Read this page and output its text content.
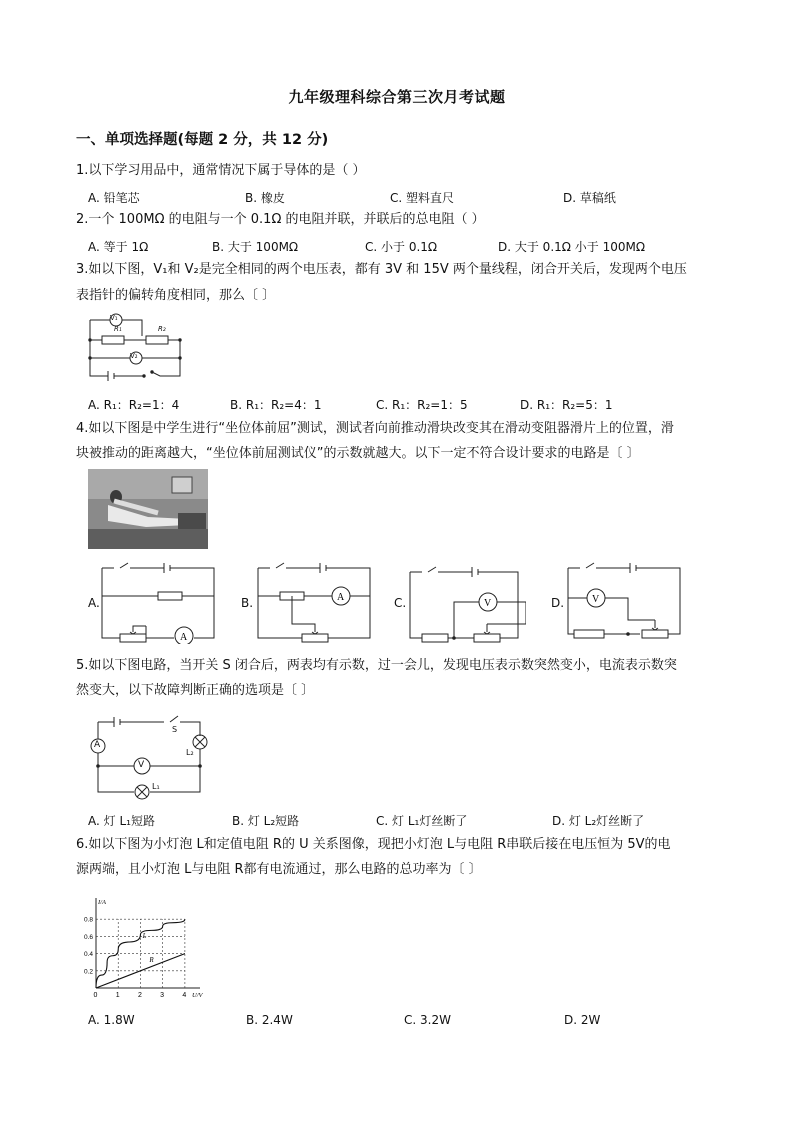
九年级理科综合第三次月考试题
一、单项选择题(每题 2 分，共 12 分)
1.以下学习用品中，通常情况下属于导体的是（ ）
A. 铅笔芯	B. 橡皮	C. 塑料直尺	D. 草稿纸
2.一个 100MΩ 的电阻与一个 0.1Ω 的电阻并联，并联后的总电阻（ ）
A. 等于 1Ω	B. 大于 100MΩ	C. 小于 0.1Ω	D. 大于 0.1Ω 小于 100MΩ
3.如以下图，V₁和 V₂是完全相同的两个电压表，都有 3V 和 15V 两个量线程，闭合开关后，发现两个电压
表指针的偏转角度相同，那么〔 〕
V₁
V₂
R₁	R₂
A. R₁：R₂=1：4	B. R₁：R₂=4：1	C. R₁：R₂=1：5	D. R₁：R₂=5：1
4.如以下图是中学生进行“坐位体前屈”测试，测试者向前推动滑块改变其在滑动变阻器滑片上的位置，滑
块被推动的距离越大，“坐位体前屈测试仪”的示数就越大。以下一定不符合设计要求的电路是〔 〕
A.
A
B.	A	C.	V	D.	V
5.如以下图电路，当开关 S 闭合后，两表均有示数，过一会儿，发现电压表示数突然变小，电流表示数突
然变大，以下故障判断正确的选项是〔 〕
A
V
S
L₂
L₁
A. 灯 L₁短路	B. 灯 L₂短路	C. 灯 L₁灯丝断了	D. 灯 L₂灯丝断了
6.如以下图为小灯泡 L和定值电阻 R的 U 关系图像，现把小灯泡 L与电阻 R串联后接在电压恒为 5V的电
源两端，且小灯泡 L与电阻 R都有电流通过，那么电路的总功率为〔 〕
0	1	2	3	4
0.2
0.4
0.6
0.8
U/V
I/A
L
R
A. 1.8W	B. 2.4W	C. 3.2W	D. 2W
